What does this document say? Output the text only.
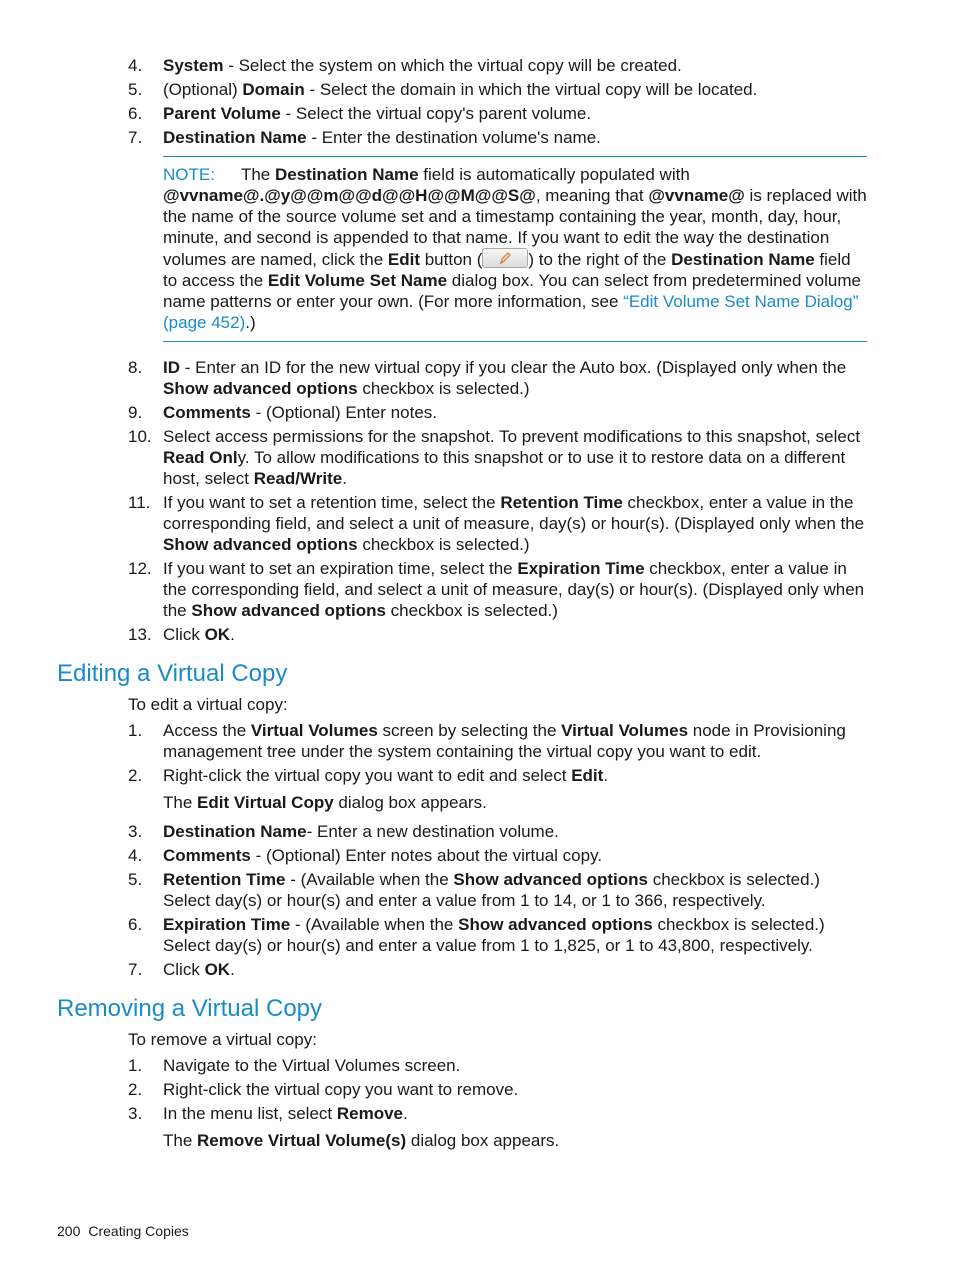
4.	System - Select the system on which the virtual copy will be created.
5.	(Optional) Domain - Select the domain in which the virtual copy will be located.
6.	Parent Volume - Select the virtual copy's parent volume.
7.	Destination Name - Enter the destination volume's name.
NOTE: The Destination Name field is automatically populated with @vvname@.@y@@m@@d@@H@@M@@S@, meaning that @vvname@ is replaced with the name of the source volume set and a timestamp containing the year, month, day, hour, minute, and second is appended to that name. If you want to edit the way the destination volumes are named, click the Edit button (	) to the right of the Destination Name field to access the Edit Volume Set Name dialog box. You can select from predetermined volume name patterns or enter your own. (For more information, see “Edit Volume Set Name Dialog” (page 452).)
8.	ID - Enter an ID for the new virtual copy if you clear the Auto box. (Displayed only when the Show advanced options checkbox is selected.)
9.	Comments - (Optional) Enter notes.
10. Select access permissions for the snapshot. To prevent modifications to this snapshot, select Read Only. To allow modifications to this snapshot or to use it to restore data on a different host, select Read/Write.
11. If you want to set a retention time, select the Retention Time checkbox, enter a value in the corresponding field, and select a unit of measure, day(s) or hour(s). (Displayed only when the Show advanced options checkbox is selected.)
12. If you want to set an expiration time, select the Expiration Time checkbox, enter a value in the corresponding field, and select a unit of measure, day(s) or hour(s). (Displayed only when the Show advanced options checkbox is selected.)
13. Click OK.
Editing a Virtual Copy
To edit a virtual copy:
1.	Access the Virtual Volumes screen by selecting the Virtual Volumes node in Provisioning management tree under the system containing the virtual copy you want to edit.
2.	Right-click the virtual copy you want to edit and select Edit.
The Edit Virtual Copy dialog box appears.
3.	Destination Name- Enter a new destination volume.
4.	Comments - (Optional) Enter notes about the virtual copy.
5.	Retention Time - (Available when the Show advanced options checkbox is selected.) Select day(s) or hour(s) and enter a value from 1 to 14, or 1 to 366, respectively.
6.	Expiration Time - (Available when the Show advanced options checkbox is selected.) Select day(s) or hour(s) and enter a value from 1 to 1,825, or 1 to 43,800, respectively.
7.	Click OK.
Removing a Virtual Copy
To remove a virtual copy:
1.	Navigate to the Virtual Volumes screen.
2.	Right-click the virtual copy you want to remove.
3.	In the menu list, select Remove.
The Remove Virtual Volume(s) dialog box appears.
200 Creating Copies
